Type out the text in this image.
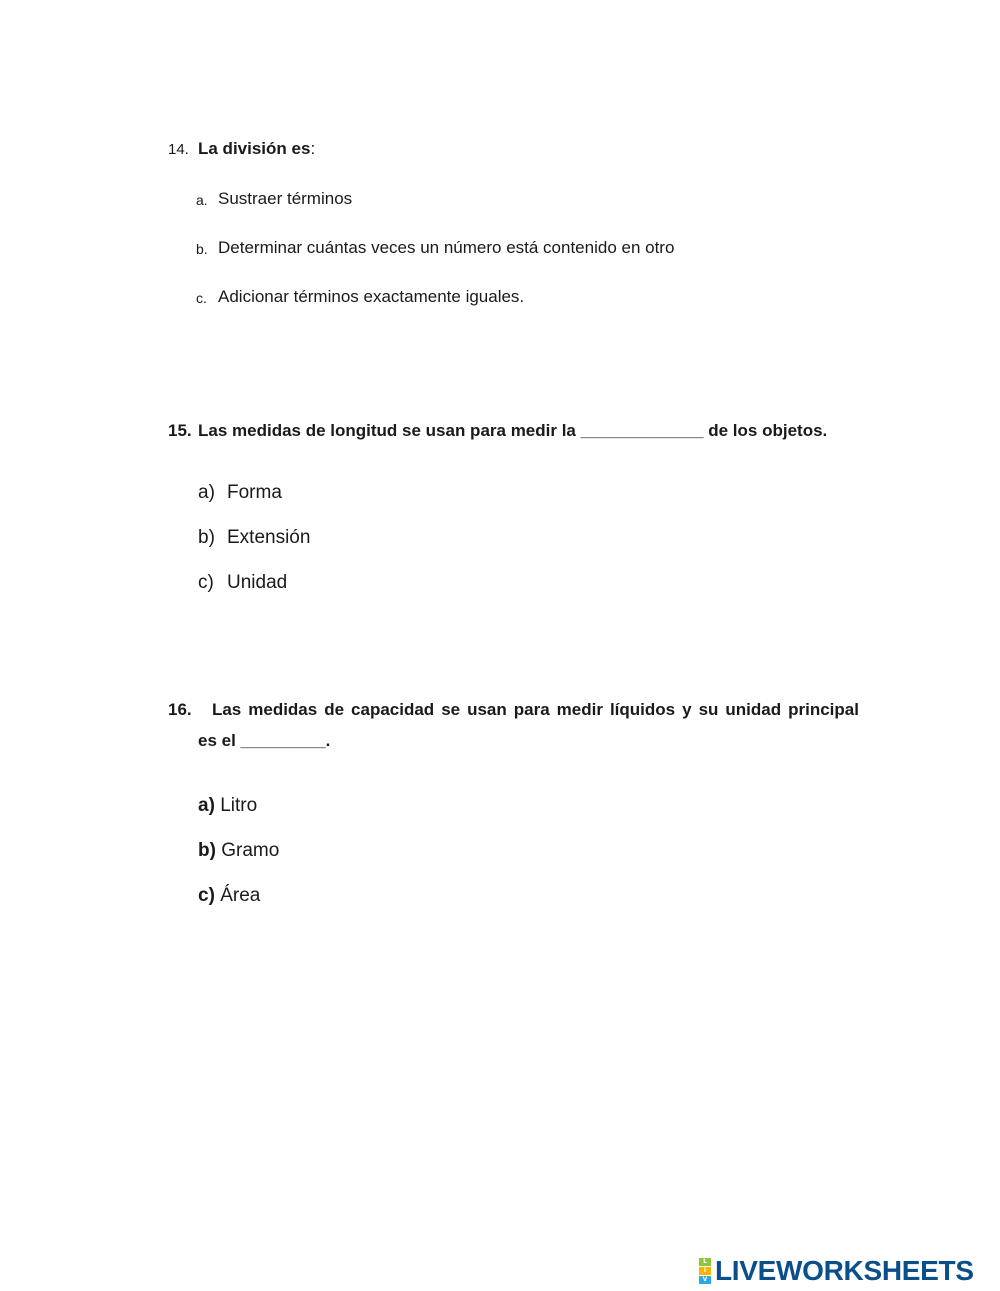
14. La división es:
a. Sustraer términos
b. Determinar cuántas veces un número está contenido en otro
c. Adicionar términos exactamente iguales.
15. Las medidas de longitud se usan para medir la _____________ de los objetos.
a) Forma
b) Extensión
c) Unidad
16.	Las medidas de capacidad se usan para medir líquidos y su unidad principal
es el _________.
a) Litro
b) Gramo
c) Área
L
I
V LIVEWORKSHEETS
